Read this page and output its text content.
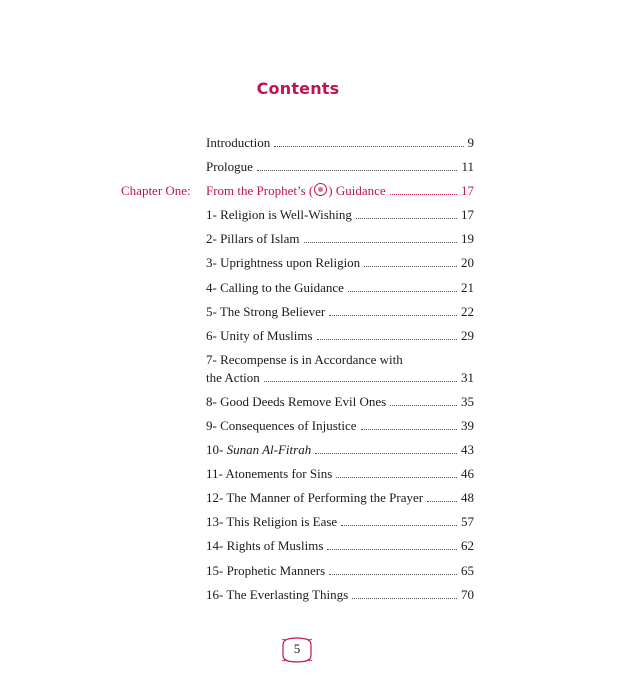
Contents
Introduction	9
Prologue	11
Chapter One: From the Prophet’s ( ) Guidance	17
1- Religion is Well-Wishing	17
2- Pillars of Islam	19
3- Uprightness upon Religion	20
4- Calling to the Guidance	21
5- The Strong Believer	22
6- Unity of Muslims	29
7- Recompense is in Accordance with
the Action	31
8- Good Deeds Remove Evil Ones	35
9- Consequences of Injustice	39
10- Sunan Al-Fitrah	43
11- Atonements for Sins	46
12- The Manner of Performing the Prayer	48
13- This Religion is Ease	57
14- Rights of Muslims	62
15- Prophetic Manners	65
16- The Everlasting Things	70
5
